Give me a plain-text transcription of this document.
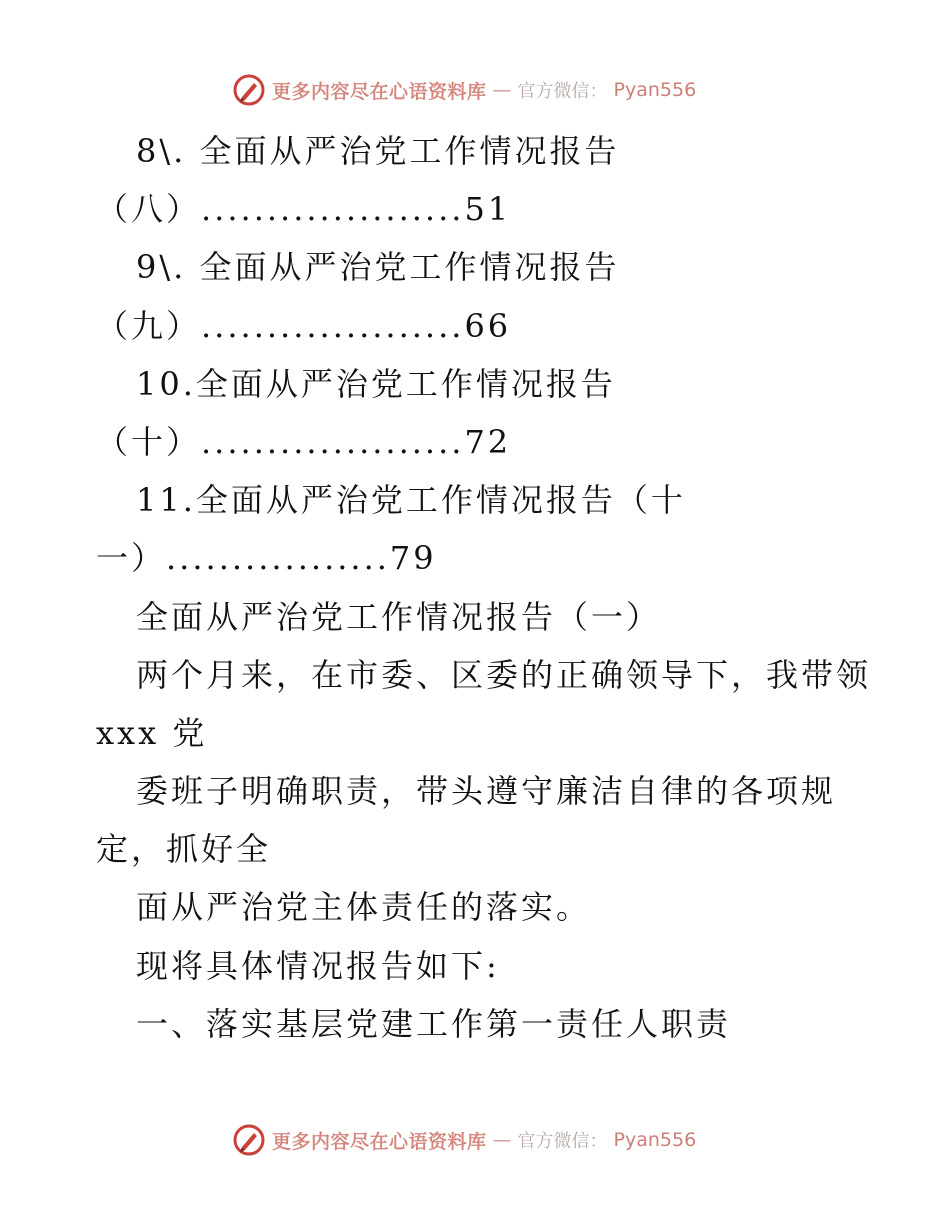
更多内容尽在心语资料库 — 官方微信： Pyan556
8\. 全面从严治党工作情况报告
（八）....................51
9\. 全面从严治党工作情况报告
（九）....................66
10.全面从严治党工作情况报告
（十）....................72
11.全面从严治党工作情况报告（十
一）.................79
全面从严治党工作情况报告（一）
两个月来，在市委、区委的正确领导下，我带领
xxx 党
委班子明确职责，带头遵守廉洁自律的各项规
定，抓好全
面从严治党主体责任的落实。
现将具体情况报告如下:
一、落实基层党建工作第一责任人职责
更多内容尽在心语资料库 — 官方微信： Pyan556
